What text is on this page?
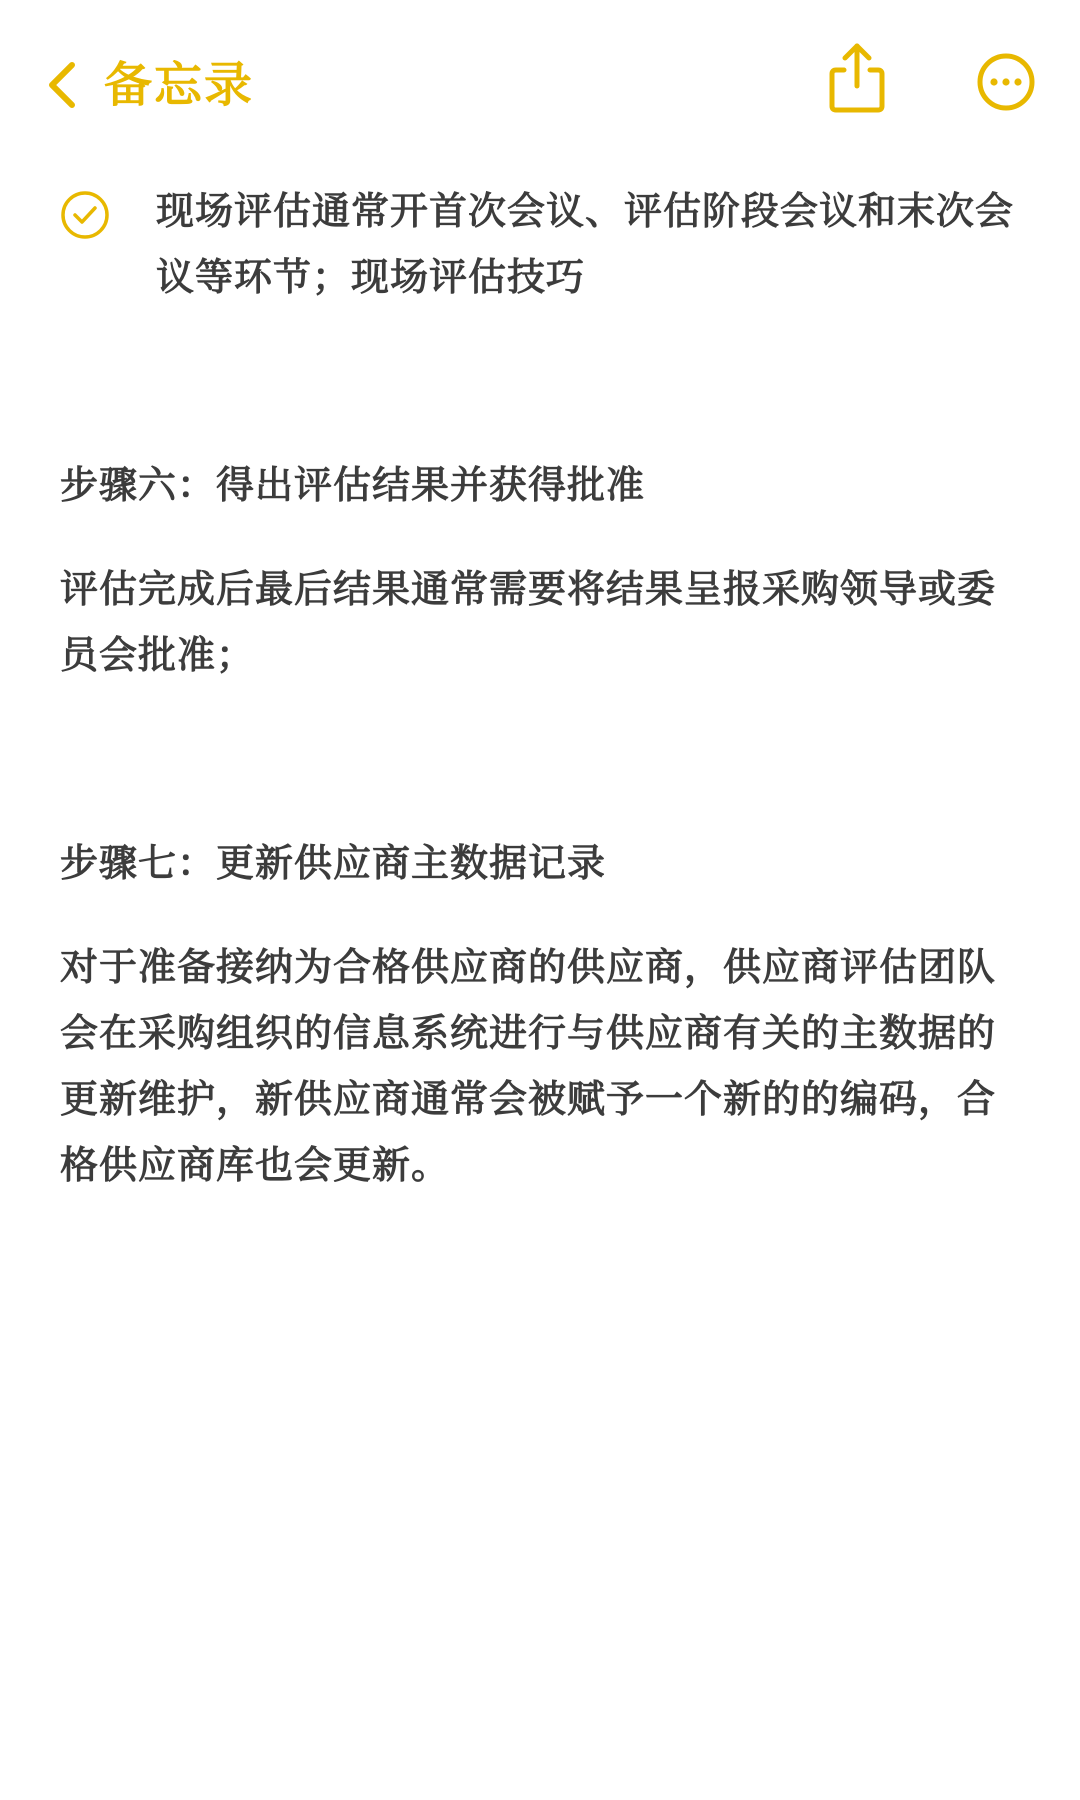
备忘录
现场评估通常开首次会议、评估阶段会议和末次会议等环节；现场评估技巧
步骤六：得出评估结果并获得批准
评估完成后最后结果通常需要将结果呈报采购领导或委员会批准；
步骤七：更新供应商主数据记录
对于准备接纳为合格供应商的供应商，供应商评估团队会在采购组织的信息系统进行与供应商有关的主数据的更新维护，新供应商通常会被赋予一个新的的编码，合格供应商库也会更新。
